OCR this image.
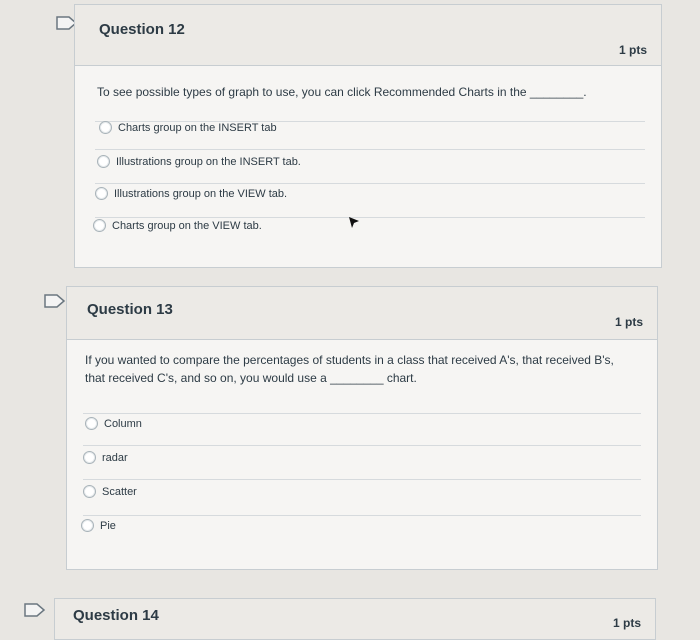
Question 12
1 pts
To see possible types of graph to use, you can click Recommended Charts in the ________.
Charts group on the INSERT tab
Illustrations group on the INSERT tab.
Illustrations group on the VIEW tab.
Charts group on the VIEW tab.
Question 13
1 pts
If you wanted to compare the percentages of students in a class that received A's, that received B's, that received C's, and so on, you would use a ________ chart.
Column
radar
Scatter
Pie
Question 14	1 pts
